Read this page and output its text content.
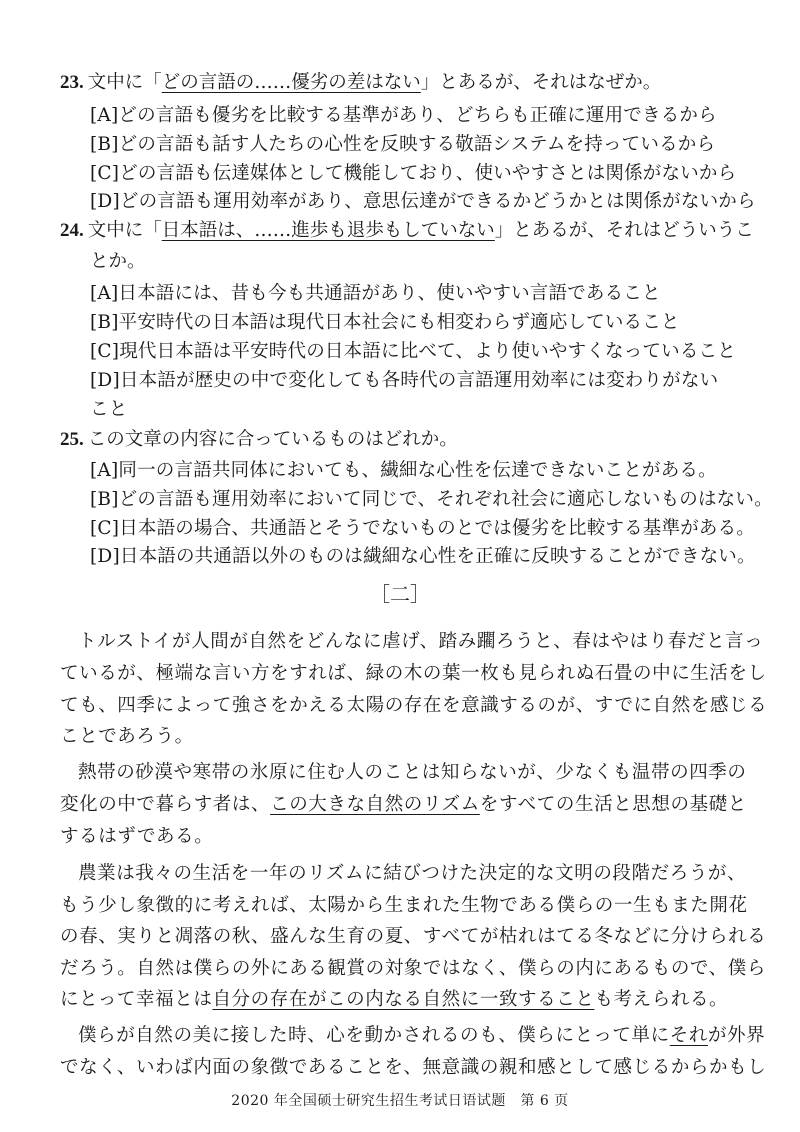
23. 文中に「どの言語の……優劣の差はない」とあるが、それはなぜか。
[A]どの言語も優劣を比較する基準があり、どちらも正確に運用できるから
[B]どの言語も話す人たちの心性を反映する敬語システムを持っているから
[C]どの言語も伝達媒体として機能しており、使いやすさとは関係がないから
[D]どの言語も運用効率があり、意思伝達ができるかどうかとは関係がないから
24. 文中に「日本語は、……進歩も退歩もしていない」とあるが、それはどういうこ
とか。
[A]日本語には、昔も今も共通語があり、使いやすい言語であること
[B]平安時代の日本語は現代日本社会にも相変わらず適応していること
[C]現代日本語は平安時代の日本語に比べて、より使いやすくなっていること
[D]日本語が歴史の中で変化しても各時代の言語運用効率には変わりがない
こと
25. この文章の内容に合っているものはどれか。
[A]同一の言語共同体においても、繊細な心性を伝達できないことがある。
[B]どの言語も運用効率において同じで、それぞれ社会に適応しないものはない。
[C]日本語の場合、共通語とそうでないものとでは優劣を比較する基準がある。
[D]日本語の共通語以外のものは繊細な心性を正確に反映することができない。
［二］
トルストイが人間が自然をどんなに虐げ、踏み躙ろうと、春はやはり春だと言っ
ているが、極端な言い方をすれば、緑の木の葉一枚も見られぬ石畳の中に生活をし
ても、四季によって強さをかえる太陽の存在を意識するのが、すでに自然を感じる
ことであろう。
熱帯の砂漠や寒帯の氷原に住む人のことは知らないが、少なくも温帯の四季の
変化の中で暮らす者は、この大きな自然のリズムをすべての生活と思想の基礎と
するはずである。
農業は我々の生活を一年のリズムに結びつけた決定的な文明の段階だろうが、
もう少し象徴的に考えれば、太陽から生まれた生物である僕らの一生もまた開花
の春、実りと凋落の秋、盛んな生育の夏、すべてが枯れはてる冬などに分けられる
だろう。自然は僕らの外にある観賞の対象ではなく、僕らの内にあるもので、僕ら
にとって幸福とは自分の存在がこの内なる自然に一致することも考えられる。
僕らが自然の美に接した時、心を動かされるのも、僕らにとって単にそれが外界
でなく、いわば内面の象徴であることを、無意識の親和感として感じるからかもし
2020 年全国硕士研究生招生考试日语试题　第 6 页
